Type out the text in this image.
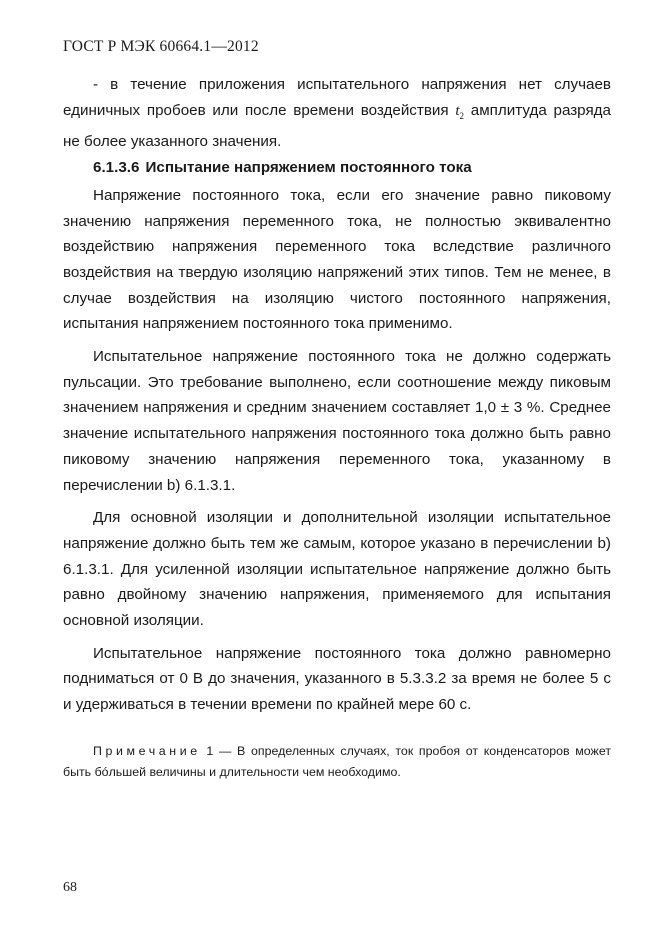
ГОСТ Р МЭК 60664.1—2012

- в течение приложения испытательного напряжения нет случаев единичных пробоев или после времени воздействия $t_2$ амплитуда разряда не более указанного значения.

6.1.3.6 Испытание напряжением постоянного тока

Напряжение постоянного тока, если его значение равно пиковому значению напряжения переменного тока, не полностью эквивалентно воздействию напряжения переменного тока вследствие различного воздействия на твердую изоляцию напряжений этих типов. Тем не менее, в случае воздействия на изоляцию чистого постоянного напряжения, испытания напряжением постоянного тока применимо.

Испытательное напряжение постоянного тока не должно содержать пульсации. Это требование выполнено, если соотношение между пиковым значением напряжения и средним значением составляет 1,0 ± 3 %. Среднее значение испытательного напряжения постоянного тока должно быть равно пиковому значению напряжения переменного тока, указанному в перечислении b) 6.1.3.1.

Для основной изоляции и дополнительной изоляции испытательное напряжение должно быть тем же самым, которое указано в перечислении b) 6.1.3.1. Для усиленной изоляции испытательное напряжение должно быть равно двойному значению напряжения, применяемого для испытания основной изоляции.

Испытательное напряжение постоянного тока должно равномерно подниматься от 0 В до значения, указанного в 5.3.3.2 за время не более 5 с и удерживаться в течении времени по крайней мере 60 с.

Примечание 1 — В определенных случаях, ток пробоя от конденсаторов может быть бóльшей величины и длительности чем необходимо.

68
